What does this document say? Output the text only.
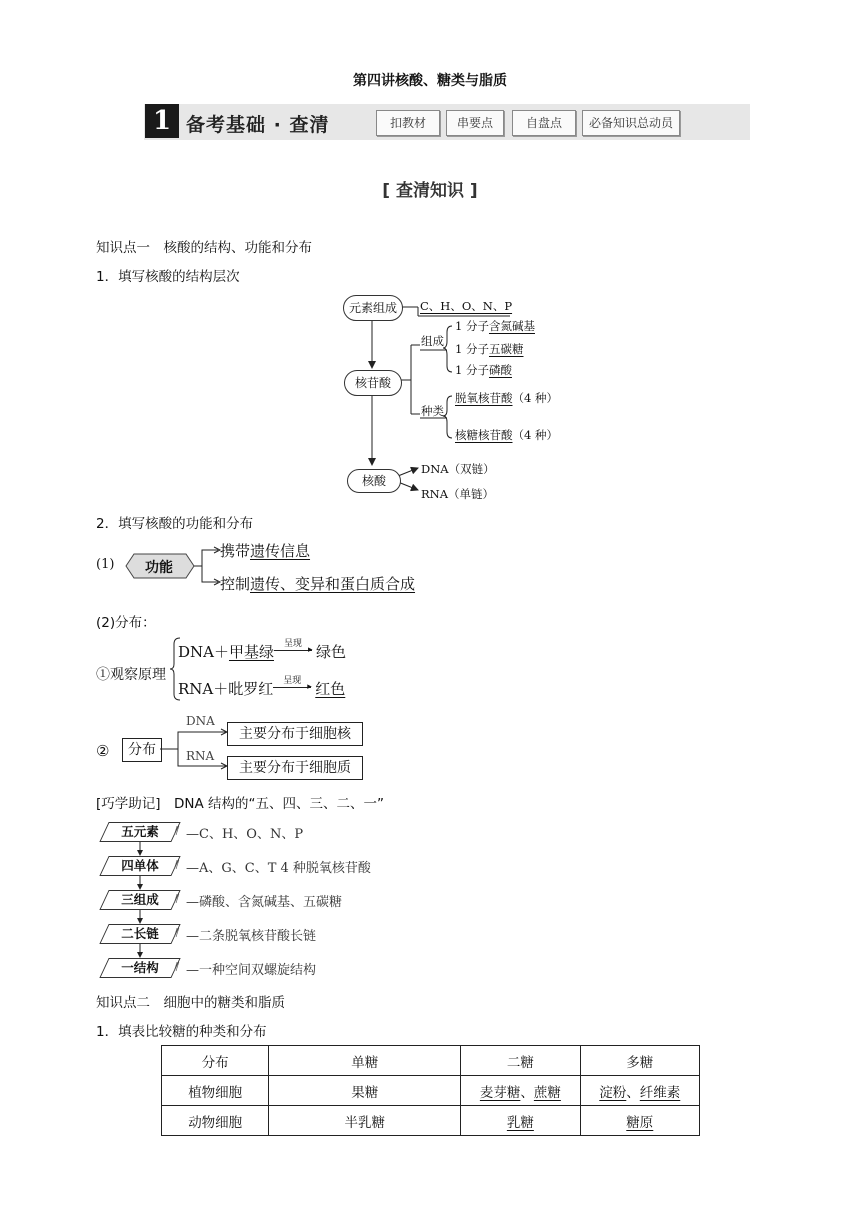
第四讲核酸、糖类与脂质
1 备考基础 · 查清	扣教材	串要点	自盘点	必备知识总动员
[ 查清知识 ]
知识点一　核酸的结构、功能和分布
1．填写核酸的结构层次
元素组成	C、H、O、N、P
组成
1 分子含氮碱基
1 分子五碳糖
1 分子磷酸
核苷酸
种类
脱氧核苷酸（4 种）
核糖核苷酸（4 种）
核酸
DNA（双链）
RNA（单链）
2．填写核酸的功能和分布
(1)	功能
携带遗传信息
控制遗传、变异和蛋白质合成
(2)分布：
①观察原理
DNA＋甲基绿 呈现
▸ 绿色
RNA＋吡罗红 呈现
▸ 红色
②	分布
DNA
RNA
主要分布于细胞核
主要分布于细胞质
[巧学助记]　DNA 结构的“五、四、三、二、一”
五元素	⫽ —C、H、O、N、P
四单体	⫽ —A、G、C、T 4 种脱氧核苷酸
三组成	⫽ —磷酸、含氮碱基、五碳糖
二长链	⫽ —二条脱氧核苷酸长链
一结构	⫽ —一种空间双螺旋结构
知识点二　细胞中的糖类和脂质
1．填表比较糖的种类和分布
分布	单糖	二糖	多糖
植物细胞	果糖	麦芽糖、蔗糖	淀粉、纤维素
动物细胞	半乳糖	乳糖	糖原
